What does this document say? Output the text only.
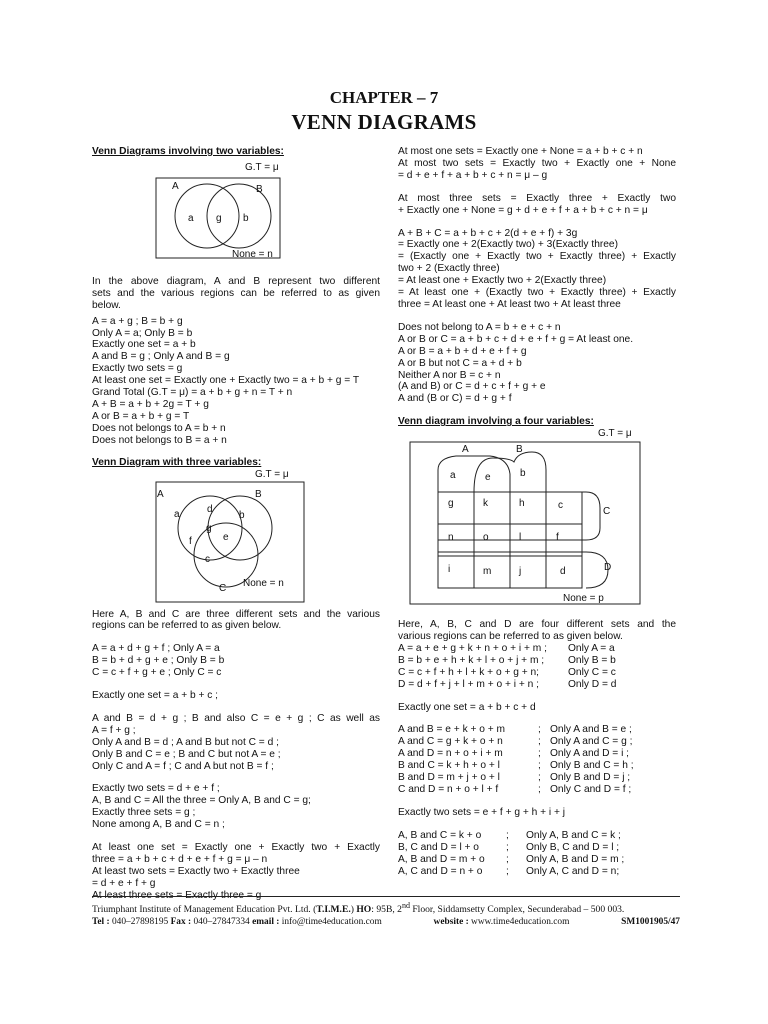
CHAPTER – 7
VENN DIAGRAMS
Venn Diagrams involving two variables:
G.T = μ
A	B
a g b
None = n
In the above diagram, A and B represent two different
sets and the various regions can be referred to as given
below.
A = a + g ; B = b + g
Only A = a; Only B = b
Exactly one set = a + b
A and B = g ; Only A and B = g
Exactly two sets = g
At least one set = Exactly one + Exactly two = a + b + g = T
Grand Total (G.T = μ) = a + b + g + n = T + n
A + B = a + b + 2g = T + g
A or B = a + b + g = T
Does not belongs to A = b + n
Does not belongs to B = a + n
Venn Diagram with three variables:
G.T = μ
A	B
a	d
b
g
f	e
c
C None = n
Here A, B and C are three different sets and the various
regions can be referred to as given below.
A = a + d + g + f ; Only A = a
B = b + d + g + e ; Only B = b
C = c + f + g + e ; Only C = c
Exactly one set = a + b + c ;
A and B = d + g ; B and also C = e + g ; C as well as
A = f + g ;
Only A and B = d ; A and B but not C = d ;
Only B and C = e ; B and C but not A = e ;
Only C and A = f ; C and A but not B = f ;
Exactly two sets = d + e + f ;
A, B and C = All the three = Only A, B and C = g;
Exactly three sets = g ;
None among A, B and C = n ;
At least one set = Exactly one + Exactly two + Exactly
three = a + b + c + d + e + f + g = μ – n
At least two sets = Exactly two + Exactly three
= d + e + f + g
At least three sets = Exactly three = g
At most one sets = Exactly one + None = a + b + c + n
At most two sets = Exactly two + Exactly one + None
= d + e + f + a + b + c + n = μ – g
At most three sets = Exactly three + Exactly two
+ Exactly one + None = g + d + e + f + a + b + c + n = μ
A + B + C = a + b + c + 2(d + e + f) + 3g
= Exactly one + 2(Exactly two) + 3(Exactly three)
= (Exactly one + Exactly two + Exactly three) + Exactly
two + 2 (Exactly three)
= At least one + Exactly two + 2(Exactly three)
= At least one + (Exactly two + Exactly three) + Exactly
three = At least one + At least two + At least three
Does not belong to A = b + e + c + n
A or B or C = a + b + c + d + e + f + g = At least one.
A or B = a + b + d + e + f + g
A or B but not C = a + d + b
Neither A nor B = c + n
(A and B) or C = d + c + f + g + e
A and (B or C) = d + g + f
Venn diagram involving a four variables:
G.T = μ
A	B
a	e	b
g	k	h	c
C
n	o	l	f
i	m	j	d	D
None = p
Here, A, B, C and D are four different sets and the
various regions can be referred to as given below.
A = a + e + g + k + n + o + i + m ; Only A = a
B = b + e + h + k + l + o + j + m ; Only B = b
C = c + f + h + l + k + o + g + n;	Only C = c
D = d + f + j + l + m + o + i + n ;	Only D = d
Exactly one set = a + b + c + d
A and B = e + k + o + m	; Only A and B = e ;
A and C = g + k + o + n	; Only A and C = g ;
A and D = n + o + i + m	; Only A and D = i ;
B and C = k + h + o + l	; Only B and C = h ;
B and D = m + j + o + l	; Only B and D = j ;
C and D = n + o + l + f	; Only C and D = f ;
Exactly two sets = e + f + g + h + i + j
A, B and C = k + o ; Only A, B and C = k ;
B, C and D = l + o	; Only B, C and D = l ;
A, B and D = m + o ; Only A, B and D = m ;
A, C and D = n + o ; Only A, C and D = n;
Triumphant Institute of Management Education Pvt. Ltd. (T.I.M.E.) HO: 95B, 2nd Floor, Siddamsetty Complex, Secunderabad – 500 003.
Tel : 040–27898195 Fax : 040–27847334 email : info@time4education.com	website : www.time4education.com	SM1001905/47
